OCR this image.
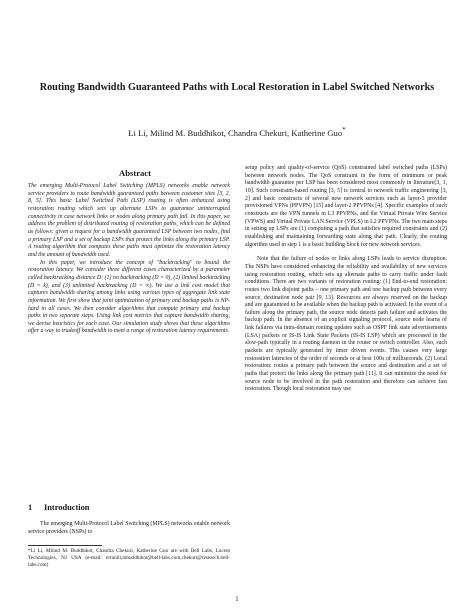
Routing Bandwidth Guaranteed Paths with Local Restoration in Label Switched Networks
Li Li, Milind M. Buddhikot, Chandra Chekuri, Katherine Guo*
Abstract

The emerging Multi-Protocol Label Switching (MPLS) networks enable network service providers to route bandwidth guaranteed paths between customer sites [3, 2, 8, 5]. This basic Label Switched Path (LSP) routing is often enhanced using restoration routing which sets up alternate LSPs to guarantee uninterrupted connectivity in case network links or nodes along primary path fail. In this paper, we address the problem of distributed routing of restoration paths, which can be defined as follows: given a request for a bandwidth guaranteed LSP between two nodes, find a primary LSP and a set of backup LSPs that protect the links along the primary LSP. A routing algorithm that computes these paths must optimize the restoration latency and the amount of bandwidth used.

In this paper, we introduce the concept of "backtracking" to bound the restoration latency. We consider three different cases characterized by a parameter called backtracking distance D: (1) no backtracking (D = 0), (2) limited backtracking (D = k), and (3) unlimited backtracking (D = ∞). We use a link cost model that captures bandwidth sharing among links using various types of aggregate link state information. We first show that joint optimization of primary and backup paths is NP-hard in all cases. We then consider algorithms that compute primary and backup paths in two separate steps. Using link cost metrics that capture bandwidth sharing, we devise heuristics for each case. Our simulation study shows that these algorithms offer a way to tradeoff bandwidth to meet a range of restoration latency requirements.

1 Introduction
The emerging Multi-Protocol Label Switching (MPLS) networks enable network service providers (NSPs) to
*Li Li, Milind M. Buddhikot, Chandra Chekuri, Katherine Guo are with Bell Labs, Lucent Technologies, NJ USA (e-mail: erranlli,mbuddhikot@bell-labs.com,chekuri@research.bell-labs.com)

setup policy and quality-of-service (QoS) constrained label switched paths (LSPs) between network nodes. The QoS constraint in the form of minimum or peak bandwidth guarantee per LSP has been considered most commonly in literature[3, 1, 10]. Such constraint-based routing [3, 5] is central to network traffic engineering [3, 2] and basic constructs of several new network services such as layer-3 provider provisioned VPNs (PPVPN) [15] and layer-2 PPVPNs [4]. Specific examples of such constructs are the VPN tunnels in L3 PPVPNs, and the Virtual Private Wire Service (VPWS) and Virtual Private LAN Service (VPLS) in L2 PPVPNs. The two main steps in setting up LSPs are (1) computing a path that satisfies required constraints and (2) establishing and maintaining forwarding state along that path. Clearly, the routing algorithm used in step 1 is a basic building block for new network services.

Note that the failure of nodes or links along LSPs leads to service disruption. The NSPs have considered enhancing the reliability and availability of new services using restoration routing, which sets up alternate paths to carry traffic under fault conditions. There are two variants of restoration routing: (1) End-to-end restoration: routes two link disjoint paths – one primary path and one backup path between every source, destination node pair [9, 13]. Resources are always reserved on the backup and are guaranteed to be available when the backup path is activated. In the event of a failure along the primary path, the source node detects path failure and activates the backup path. In the absence of an explicit signaling protocol, source node learns of link failures via intra-domain routing updates such as OSPF link state advertisements (LSA) packets or IS-IS Link State Packets (IS-IS LSP) which are processed in the slow-path typically in a routing daemon in the router or switch controller. Also, such packets are typically generated by timer driven events. This causes very large restoration latencies of the order of seconds or at best 100s of milliseconds. (2) Local restoration: routes a primary path between the source and destination and a set of paths that protect the links along the primary path [11]. It can minimize the need for source node to be involved in the path restoration and therefore can achieve fast restoration. Though local restoration may use

1
